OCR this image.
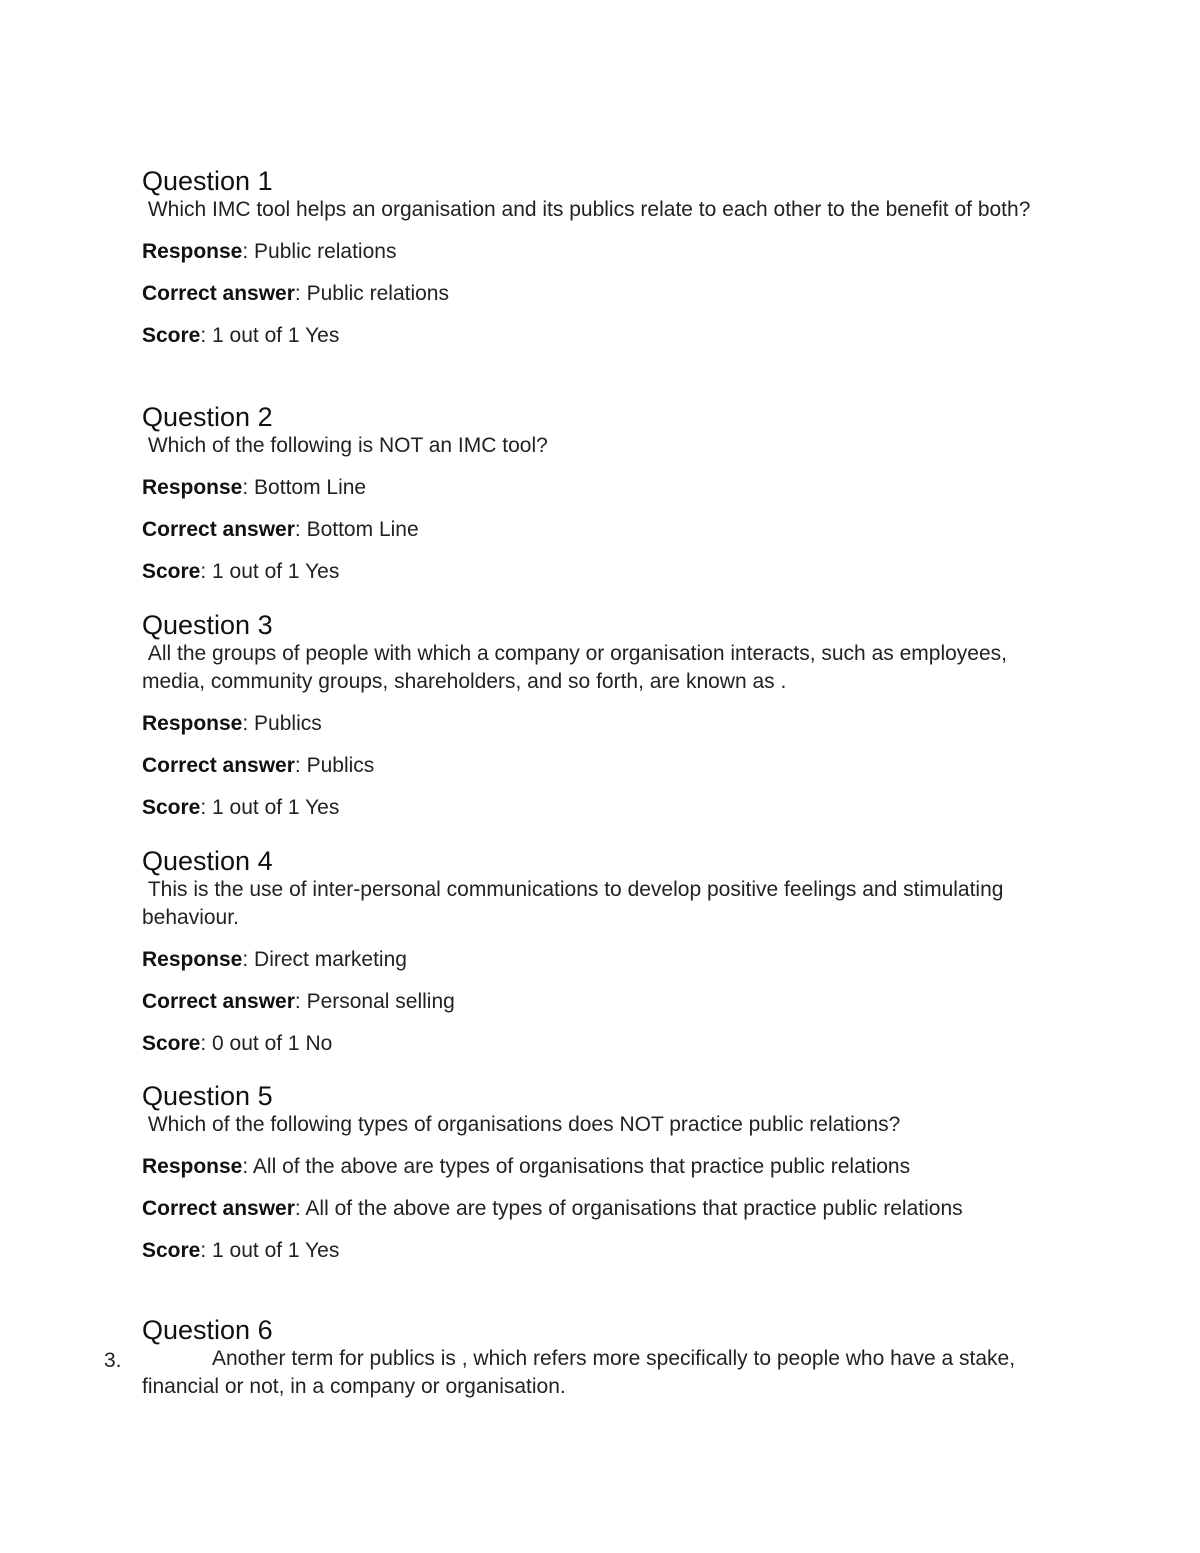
Question 1

Which IMC tool helps an organisation and its publics relate to each other to the benefit of both?

Response: Public relations
Correct answer: Public relations
Score: 1 out of 1 Yes
Question 2

Which of the following is NOT an IMC tool?

Response: Bottom Line
Correct answer: Bottom Line
Score: 1 out of 1 Yes
Question 3

All the groups of people with which a company or organisation interacts, such as employees, media, community groups, shareholders, and so forth, are known as .

Response: Publics
Correct answer: Publics
Score: 1 out of 1 Yes
Question 4

This is the use of inter-personal communications to develop positive feelings and stimulating behaviour.

Response: Direct marketing
Correct answer: Personal selling
Score: 0 out of 1 No
Question 5

Which of the following types of organisations does NOT practice public relations?

Response: All of the above are types of organisations that practice public relations
Correct answer: All of the above are types of organisations that practice public relations
Score: 1 out of 1 Yes
Question 6

Another term for publics is , which refers more specifically to people who have a stake, financial or not, in a company or organisation.

3.
